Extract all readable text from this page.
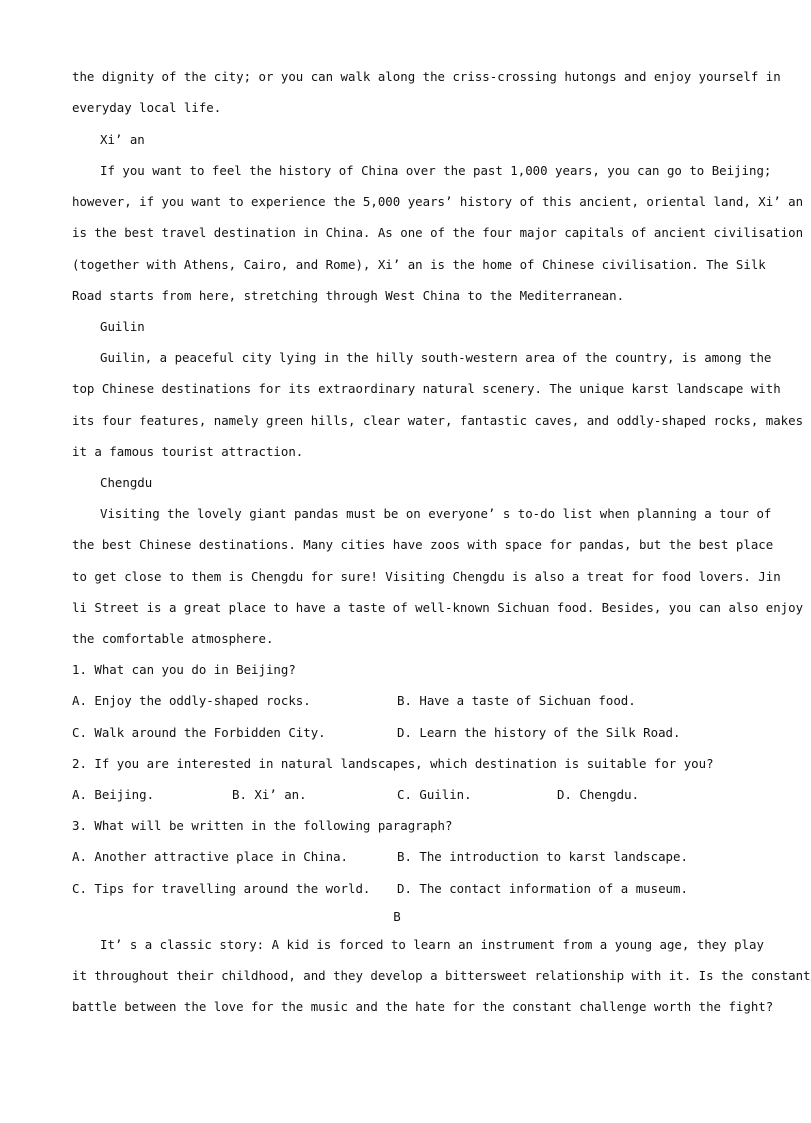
the dignity of the city; or you can walk along the criss-crossing hutongs and enjoy yourself in
everyday local life.
Xi’ an
If you want to feel the history of China over the past 1,000 years, you can go to Beijing;
however, if you want to experience the 5,000 years’ history of this ancient, oriental land, Xi’ an
is the best travel destination in China. As one of the four major capitals of ancient civilisation
(together with Athens, Cairo, and Rome), Xi’ an is the home of Chinese civilisation. The Silk
Road starts from here, stretching through West China to the Mediterranean.
Guilin
Guilin, a peaceful city lying in the hilly south-western area of the country, is among the
top Chinese destinations for its extraordinary natural scenery. The unique karst landscape with
its four features, namely green hills, clear water, fantastic caves, and oddly-shaped rocks, makes
it a famous tourist attraction.
Chengdu
Visiting the lovely giant pandas must be on everyone’ s to-do list when planning a tour of
the best Chinese destinations. Many cities have zoos with space for pandas, but the best place
to get close to them is Chengdu for sure! Visiting Chengdu is also a treat for food lovers. Jin
li Street is a great place to have a taste of well-known Sichuan food. Besides, you can also enjoy
the comfortable atmosphere.
1. What can you do in Beijing?
A. Enjoy the oddly-shaped rocks.	B. Have a taste of Sichuan food.
C. Walk around the Forbidden City.	D. Learn the history of the Silk Road.
2. If you are interested in natural landscapes, which destination is suitable for you?
A. Beijing.	B. Xi’ an.	C. Guilin.	D. Chengdu.
3. What will be written in the following paragraph?
A. Another attractive place in China.	B. The introduction to karst landscape.
C. Tips for travelling around the world.	D. The contact information of a museum.
B
It’ s a classic story: A kid is forced to learn an instrument from a young age, they play
it throughout their childhood, and they develop a bittersweet relationship with it. Is the constant
battle between the love for the music and the hate for the constant challenge worth the fight?
